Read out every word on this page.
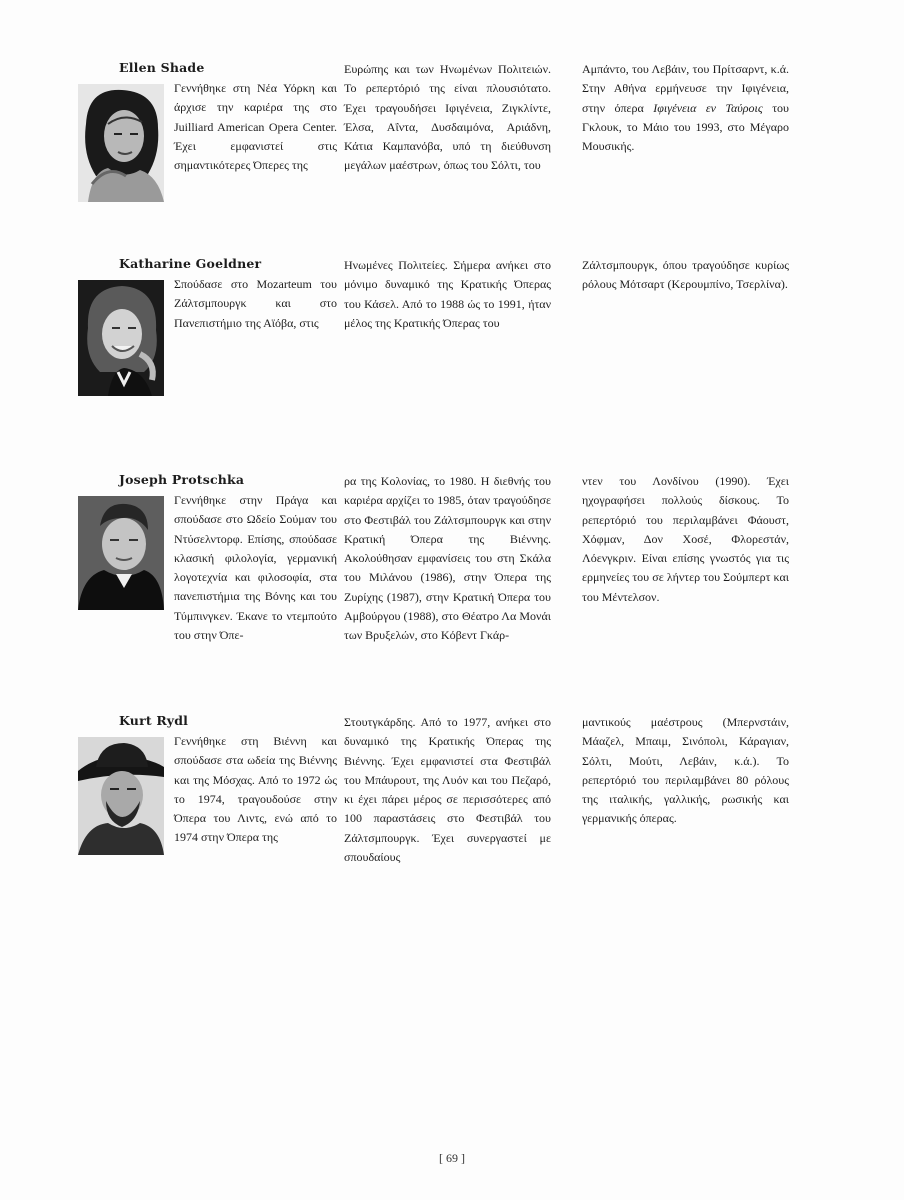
Ellen Shade

Γεννήθηκε στη Νέα Υόρκη και άρχισε την καριέρα της στο Juilliard American Opera Center. Έχει εμφανιστεί στις σημαντικότερες Όπερες της

Ευρώπης και των Ηνωμένων Πολιτειών. Το ρεπερτόριό της είναι πλουσιότατο. Έχει τραγουδήσει Ιφιγένεια, Ζιγκλίντε, Έλσα, Αΐντα, Δυσδαιμόνα, Αριάδνη, Κάτια Καμπανόβα, υπό τη διεύθυνση μεγάλων μαέστρων, όπως του Σόλτι, του

Αμπάντο, του Λεβάιν, του Πρίτσαρντ, κ.ά. Στην Αθήνα ερμήνευσε την Ιφιγένεια, στην όπερα Ιφιγένεια εν Ταύροις του Γκλουκ, το Μάιο του 1993, στο Μέγαρο Μουσικής.

Katharine Goeldner

Σπούδασε στο Mozarteum του Ζάλτσμπουργκ και στο Πανεπιστήμιο της Αϊόβα, στις

Ηνωμένες Πολιτείες. Σήμερα ανήκει στο μόνιμο δυναμικό της Κρατικής Όπερας του Κάσελ. Από το 1988 ώς το 1991, ήταν μέλος της Κρατικής Όπερας του

Ζάλτσμπουργκ, όπου τραγούδησε κυρίως ρόλους Μότσαρτ (Κερουμπίνο, Τσερλίνα).

Joseph Protschka

Γεννήθηκε στην Πράγα και σπούδασε στο Ωδείο Σούμαν του Ντύσελντορφ. Επίσης, σπούδασε κλασική φιλολογία, γερμανική λογοτεχνία και φιλοσοφία, στα πανεπιστήμια της Βόνης και του Τύμπινγκεν. Έκανε το ντεμπούτο του στην Όπε-

ρα της Κολονίας, το 1980. Η διεθνής του καριέρα αρχίζει το 1985, όταν τραγούδησε στο Φεστιβάλ του Ζάλτσμπουργκ και στην Κρατική Όπερα της Βιέννης. Ακολούθησαν εμφανίσεις του στη Σκάλα του Μιλάνου (1986), στην Όπερα της Ζυρίχης (1987), στην Κρατική Όπερα του Αμβούργου (1988), στο Θέατρο Λα Μονάι των Βρυξελών, στο Κόβεντ Γκάρ-

ντεν του Λονδίνου (1990). Έχει ηχογραφήσει πολλούς δίσκους. Το ρεπερτόριό του περιλαμβάνει Φάουστ, Χόφμαν, Δον Χοσέ, Φλορεστάν, Λόενγκριν. Είναι επίσης γνωστός για τις ερμηνείες του σε λήντερ του Σούμπερτ και του Μέντελσον.

Kurt Rydl

Γεννήθηκε στη Βιέννη και σπούδασε στα ωδεία της Βιέννης και της Μόσχας. Από το 1972 ώς το 1974, τραγουδούσε στην Όπερα του Λιντς, ενώ από το 1974 στην Όπερα της

Στουτγκάρδης. Από το 1977, ανήκει στο δυναμικό της Κρατικής Όπερας της Βιέννης. Έχει εμφανιστεί στα Φεστιβάλ του Μπάυρουτ, της Λυόν και του Πεζαρό, κι έχει πάρει μέρος σε περισσότερες από 100 παραστάσεις στο Φεστιβάλ του Ζάλτσμπουργκ. Έχει συνεργαστεί με σπουδαίους

μαντικούς μαέστρους (Μπερνστάιν, Μάαζελ, Μπαιμ, Σινόπολι, Κάραγιαν, Σόλτι, Μούτι, Λεβάιν, κ.ά.). Το ρεπερτόριό του περιλαμβάνει 80 ρόλους της ιταλικής, γαλλικής, ρωσικής και γερμανικής όπερας.

[ 69 ]
